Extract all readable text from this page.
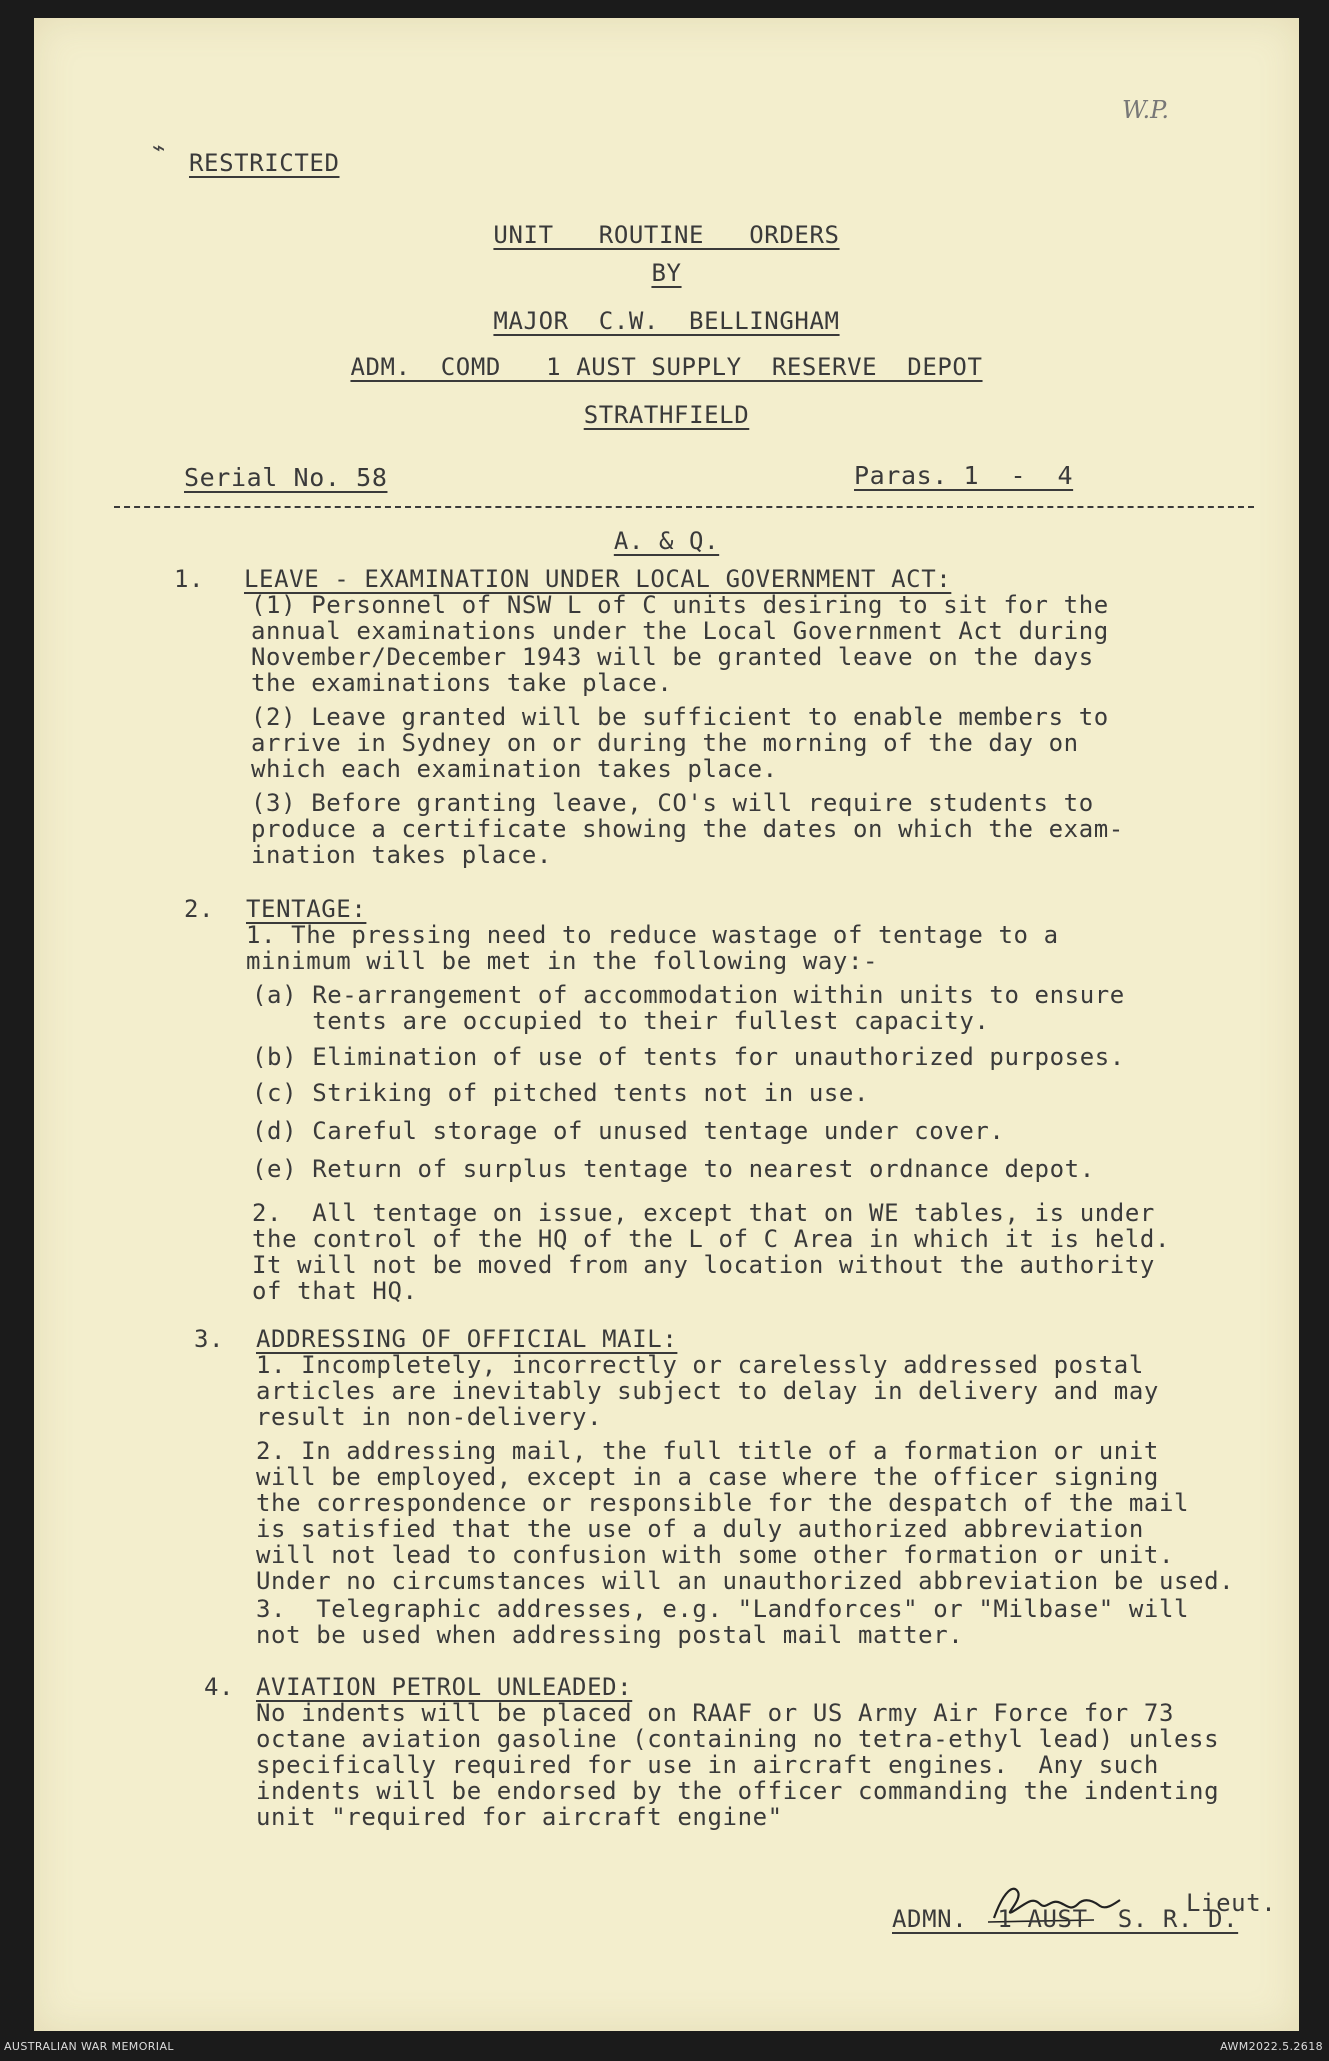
W.P.
⌁
RESTRICTED
UNIT   ROUTINE   ORDERS
BY
MAJOR  C.W.  BELLINGHAM
ADM.  COMD   1 AUST SUPPLY  RESERVE  DEPOT
STRATHFIELD
Serial No. 58	Paras. 1  -  4
A. & Q.
1. LEAVE - EXAMINATION UNDER LOCAL GOVERNMENT ACT:
(1) Personnel of NSW L of C units desiring to sit for the
annual examinations under the Local Government Act during
November/December 1943 will be granted leave on the days
the examinations take place.
(2) Leave granted will be sufficient to enable members to
arrive in Sydney on or during the morning of the day on
which each examination takes place.
(3) Before granting leave, CO's will require students to
produce a certificate showing the dates on which the exam-
ination takes place.
2. TENTAGE:
1. The pressing need to reduce wastage of tentage to a
minimum will be met in the following way:-
(a) Re-arrangement of accommodation within units to ensure
tents are occupied to their fullest capacity.
(b) Elimination of use of tents for unauthorized purposes.
(c) Striking of pitched tents not in use.
(d) Careful storage of unused tentage under cover.
(e) Return of surplus tentage to nearest ordnance depot.
2.  All tentage on issue, except that on WE tables, is under
the control of the HQ of the L of C Area in which it is held.
It will not be moved from any location without the authority
of that HQ.
3. ADDRESSING OF OFFICIAL MAIL:
1. Incompletely, incorrectly or carelessly addressed postal
articles are inevitably subject to delay in delivery and may
result in non-delivery.
2. In addressing mail, the full title of a formation or unit
will be employed, except in a case where the officer signing
the correspondence or responsible for the despatch of the mail
is satisfied that the use of a duly authorized abbreviation
will not lead to confusion with some other formation or unit.
Under no circumstances will an unauthorized abbreviation be used.
3.  Telegraphic addresses, e.g. "Landforces" or "Milbase" will
not be used when addressing postal mail matter.
4. AVIATION PETROL UNLEADED:
No indents will be placed on RAAF or US Army Air Force for 73
octane aviation gasoline (containing no tetra-ethyl lead) unless
specifically required for use in aircraft engines.  Any such
indents will be endorsed by the officer commanding the indenting
unit "required for aircraft engine"
Lieut.
ADMN.  1 AUST  S. R. D.
AUSTRALIAN WAR MEMORIAL	AWM2022.5.2618
